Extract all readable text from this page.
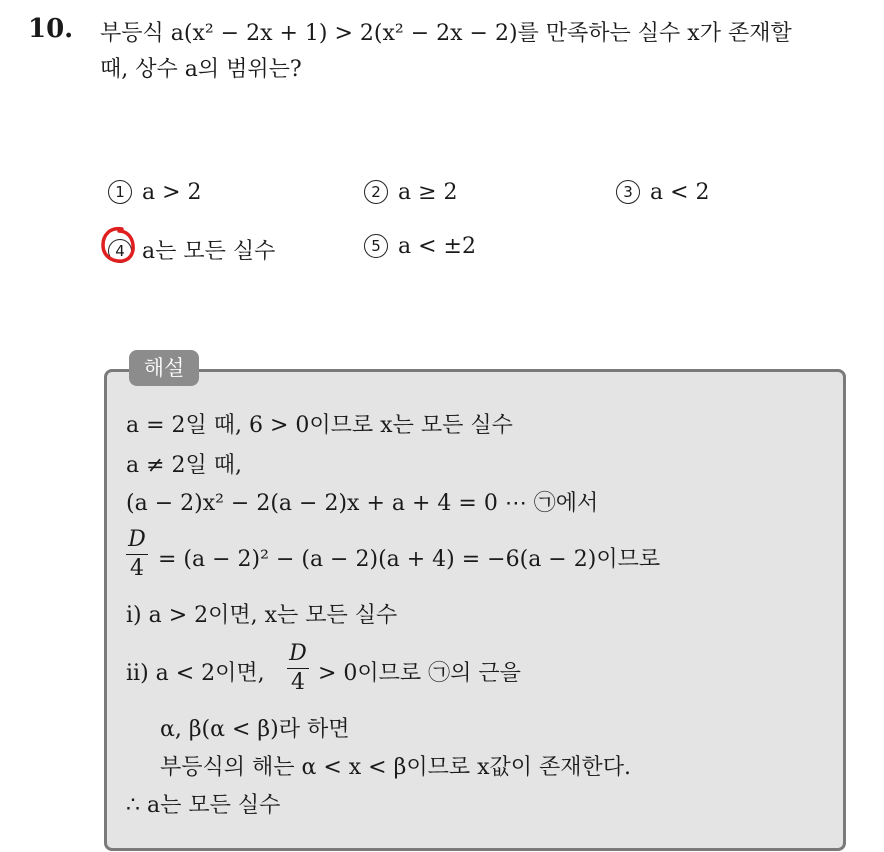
10. 부등식 a(x² − 2x + 1) > 2(x² − 2x − 2)를 만족하는 실수 x가 존재할
때, 상수 a의 범위는?
1 a > 2	2 a ≥ 2	3 a < 2
4 a는 모든 실수	5 a < ±2
해설
a = 2일 때, 6 > 0이므로 x는 모든 실수
a ≠ 2일 때,
(a − 2)x² − 2(a − 2)x + a + 4 = 0 ⋯ ㉠에서
D
4 = (a − 2)² − (a − 2)(a + 4) = −6(a − 2)이므로
i) a > 2이면, x는 모든 실수
ii) a < 2이면,
D
4 > 0이므로 ㉠의 근을
α, β(α < β)라 하면
부등식의 해는 α < x < β이므로 x값이 존재한다.
∴ a는 모든 실수
